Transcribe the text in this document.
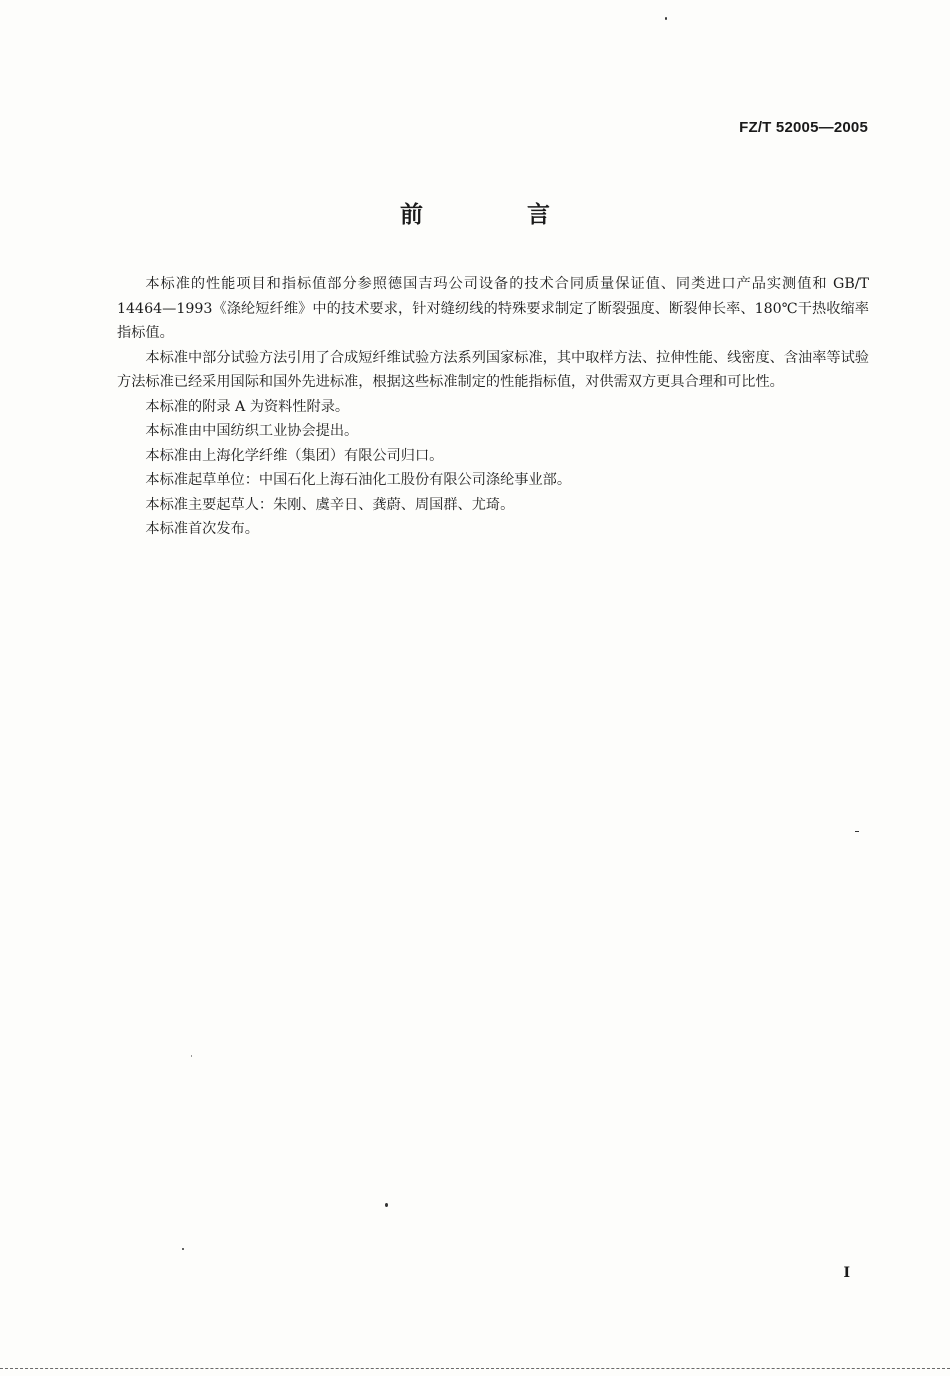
FZ/T 52005—2005
前 言

本标准的性能项目和指标值部分参照德国吉玛公司设备的技术合同质量保证值、同类进口产品实测值和 GB/T 14464—1993《涤纶短纤维》中的技术要求，针对缝纫线的特殊要求制定了断裂强度、断裂伸长率、180℃干热收缩率指标值。

本标准中部分试验方法引用了合成短纤维试验方法系列国家标准，其中取样方法、拉伸性能、线密度、含油率等试验方法标准已经采用国际和国外先进标准，根据这些标准制定的性能指标值，对供需双方更具合理和可比性。

本标准的附录 A 为资料性附录。

本标准由中国纺织工业协会提出。

本标准由上海化学纤维（集团）有限公司归口。

本标准起草单位：中国石化上海石油化工股份有限公司涤纶事业部。

本标准主要起草人：朱刚、虞辛日、龚蔚、周国群、尤琦。

本标准首次发布。

I
